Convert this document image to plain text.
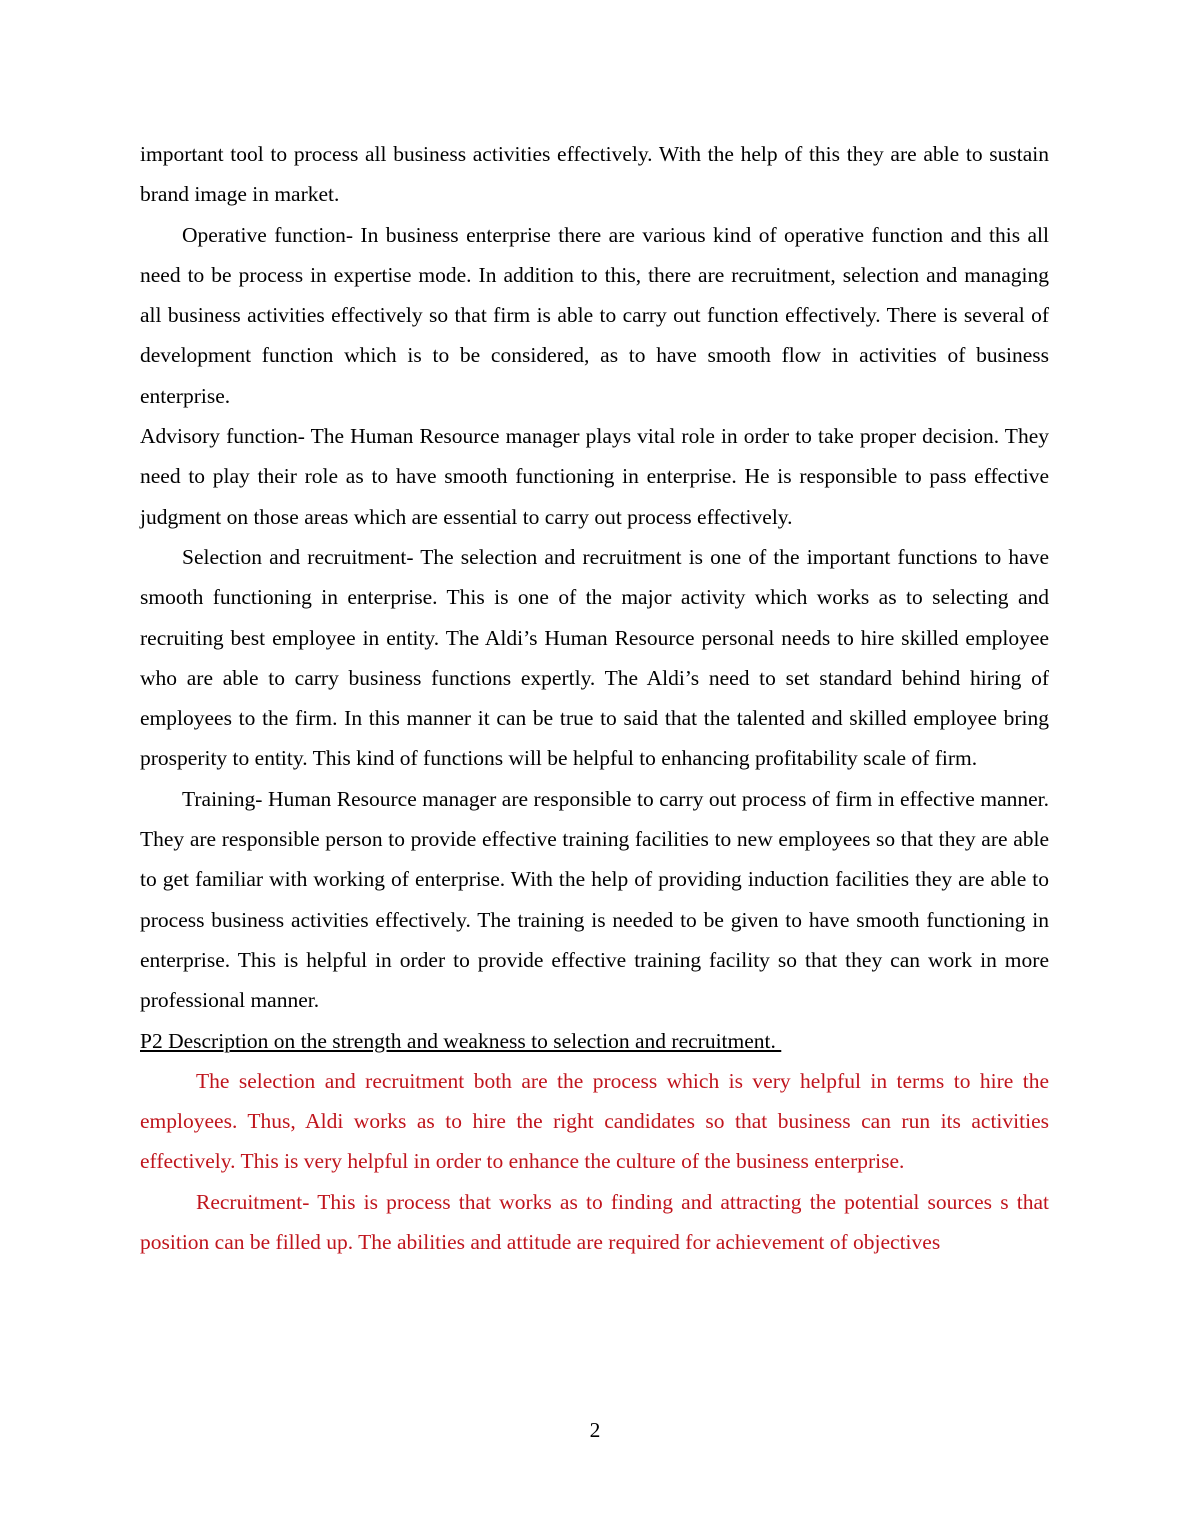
important tool to process all business activities effectively. With the help of this they are able to sustain brand image in market.

Operative function- In business enterprise there are various kind of operative function and this all need to be process in expertise mode. In addition to this, there are recruitment, selection and managing all business activities effectively so that firm is able to carry out function effectively. There is several of development function which is to be considered, as to have smooth flow in activities of business enterprise.

Advisory function- The Human Resource manager plays vital role in order to take proper decision. They need to play their role as to have smooth functioning in enterprise. He is responsible to pass effective judgment on those areas which are essential to carry out process effectively.

Selection and recruitment- The selection and recruitment is one of the important functions to have smooth functioning in enterprise. This is one of the major activity which works as to selecting and recruiting best employee in entity. The Aldi’s Human Resource personal needs to hire skilled employee who are able to carry business functions expertly. The Aldi’s need to set standard behind hiring of employees to the firm. In this manner it can be true to said that the talented and skilled employee bring prosperity to entity. This kind of functions will be helpful to enhancing profitability scale of firm.

Training- Human Resource manager are responsible to carry out process of firm in effective manner. They are responsible person to provide effective training facilities to new employees so that they are able to get familiar with working of enterprise. With the help of providing induction facilities they are able to process business activities effectively. The training is needed to be given to have smooth functioning in enterprise. This is helpful in order to provide effective training facility so that they can work in more professional manner.

P2 Description on the strength and weakness to selection and recruitment.

The selection and recruitment both are the process which is very helpful in terms to hire the employees. Thus, Aldi works as to hire the right candidates so that business can run its activities effectively. This is very helpful in order to enhance the culture of the business enterprise.

Recruitment- This is process that works as to finding and attracting the potential sources s that position can be filled up. The abilities and attitude are required for achievement of objectives

2
